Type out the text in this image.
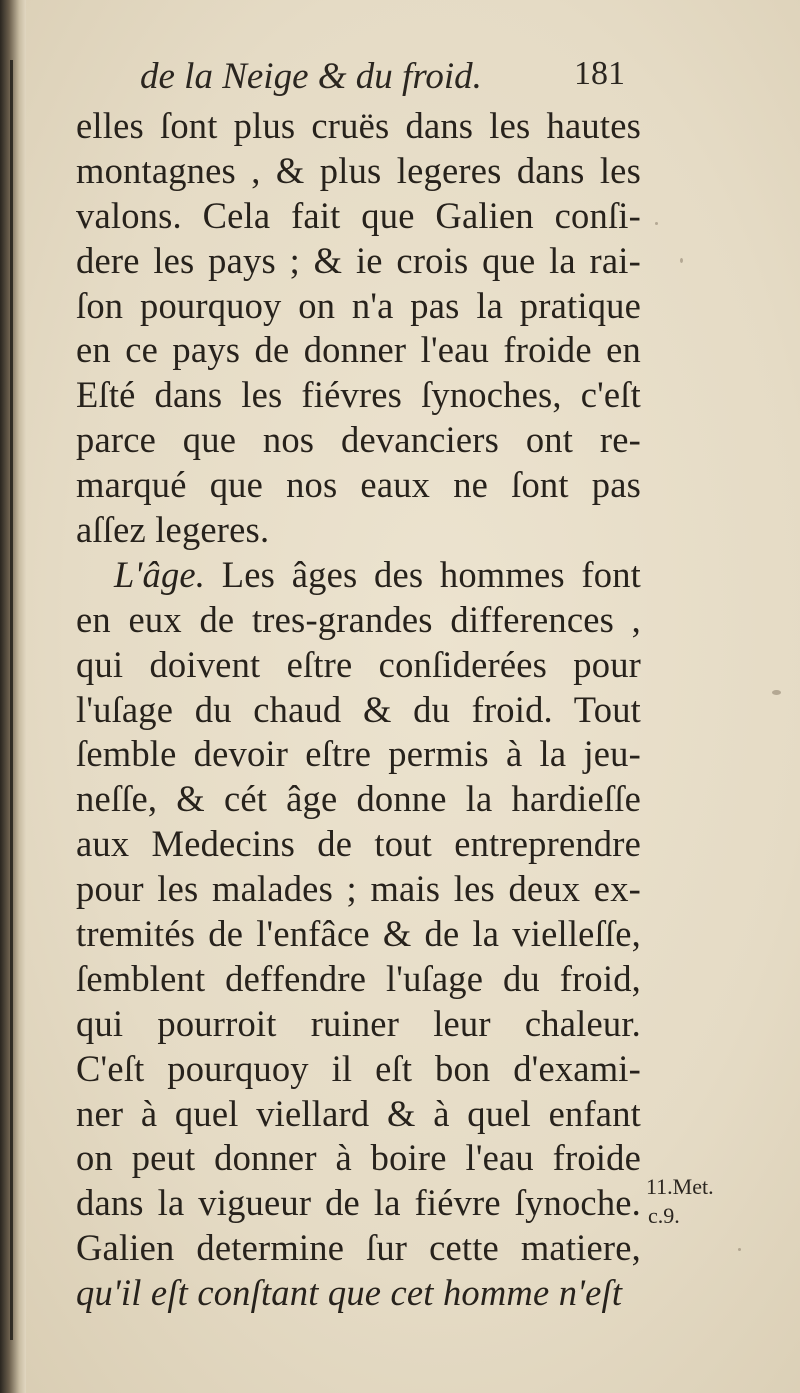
de la Neige & du froid.	181
elles ſont plus cruës dans les hautes
montagnes , & plus legeres dans les
valons. Cela fait que Galien conſi-
dere les pays ; & ie crois que la rai-
ſon pourquoy on n'a pas la pratique
en ce pays de donner l'eau froide en
Eſté dans les fiévres ſynoches, c'eſt
parce que nos devanciers ont re-
marqué que nos eaux ne ſont pas
aſſez legeres.
L'âge. Les âges des hommes font
en eux de tres-grandes differences ,
qui doivent eſtre conſiderées pour
l'uſage du chaud & du froid. Tout
ſemble devoir eſtre permis à la jeu-
neſſe, & cét âge donne la hardieſſe
aux Medecins de tout entreprendre
pour les malades ; mais les deux ex-
tremités de l'enfâce & de la vielleſſe,
ſemblent deffendre l'uſage du froid,
qui pourroit ruiner leur chaleur.
C'eſt pourquoy il eſt bon d'exami-
ner à quel viellard & à quel enfant
on peut donner à boire l'eau froide
dans la vigueur de la fiévre ſynoche.
Galien determine ſur cette matiere,
qu'il eſt conſtant que cet homme n'eſt
11.Met.
c.9.
